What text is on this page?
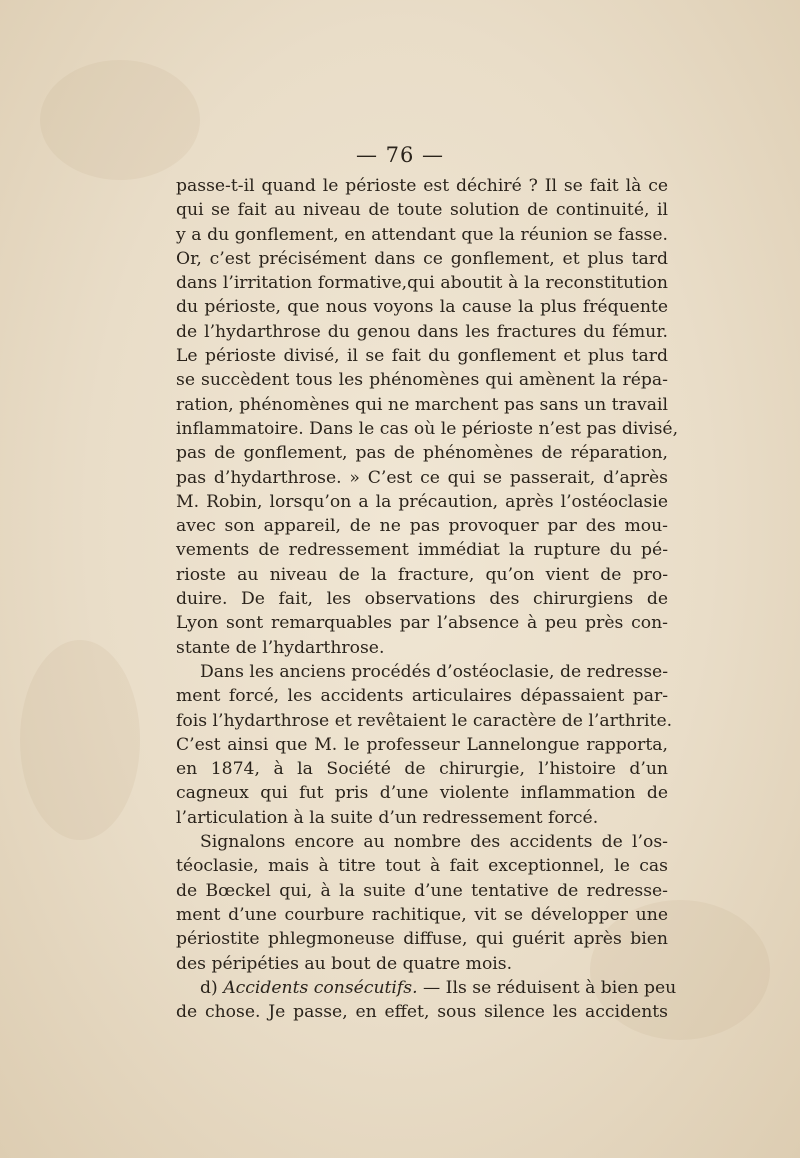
— 76 —
passe-t-il quand le périoste est déchiré ? Il se fait là ce
qui se fait au niveau de toute solution de continuité, il
y a du gonflement, en attendant que la réunion se fasse.
Or, c’est précisément dans ce gonflement, et plus tard
dans l’irritation formative,qui aboutit à la reconstitution
du périoste, que nous voyons la cause la plus fréquente
de l’hydarthrose du genou dans les fractures du fémur.
Le périoste divisé, il se fait du gonflement et plus tard
se succèdent tous les phénomènes qui amènent la répa-
ration, phénomènes qui ne marchent pas sans un travail
inflammatoire. Dans le cas où le périoste n’est pas divisé,
pas de gonflement, pas de phénomènes de réparation,
pas d’hydarthrose. » C’est ce qui se passerait, d’après
M. Robin, lorsqu’on a la précaution, après l’ostéoclasie
avec son appareil, de ne pas provoquer par des mou-
vements de redressement immédiat la rupture du pé-
rioste au niveau de la fracture, qu’on vient de pro-
duire. De fait, les observations des chirurgiens de
Lyon sont remarquables par l’absence à peu près con-
stante de l’hydarthrose.
Dans les anciens procédés d’ostéoclasie, de redresse-
ment forcé, les accidents articulaires dépassaient par-
fois l’hydarthrose et revêtaient le caractère de l’arthrite.
C’est ainsi que M. le professeur Lannelongue rapporta,
en 1874, à la Société de chirurgie, l’histoire d’un
cagneux qui fut pris d’une violente inflammation de
l’articulation à la suite d’un redressement forcé.
Signalons encore au nombre des accidents de l’os-
téoclasie, mais à titre tout à fait exceptionnel, le cas
de Bœckel qui, à la suite d’une tentative de redresse-
ment d’une courbure rachitique, vit se développer une
périostite phlegmoneuse diffuse, qui guérit après bien
des péripéties au bout de quatre mois.
d) Accidents consécutifs. — Ils se réduisent à bien peu
de chose. Je passe, en effet, sous silence les accidents
